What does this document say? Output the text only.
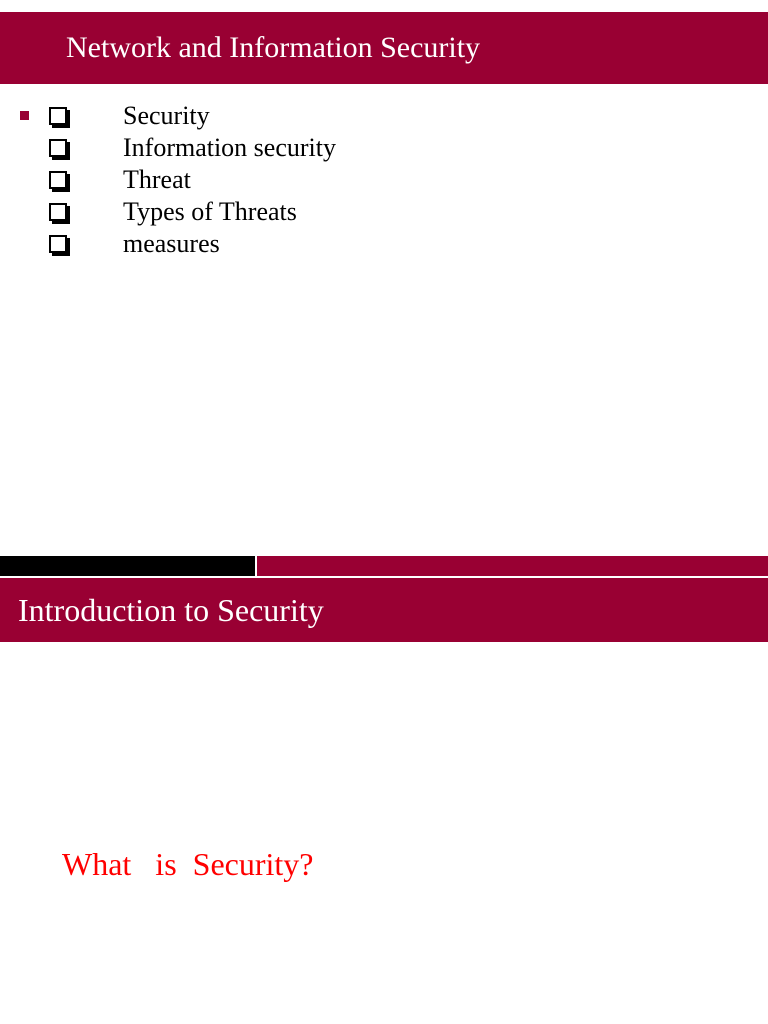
Network and Information Security
Security
Information security
Threat
Types of Threats
measures
Introduction to Security
What   is  Security?
